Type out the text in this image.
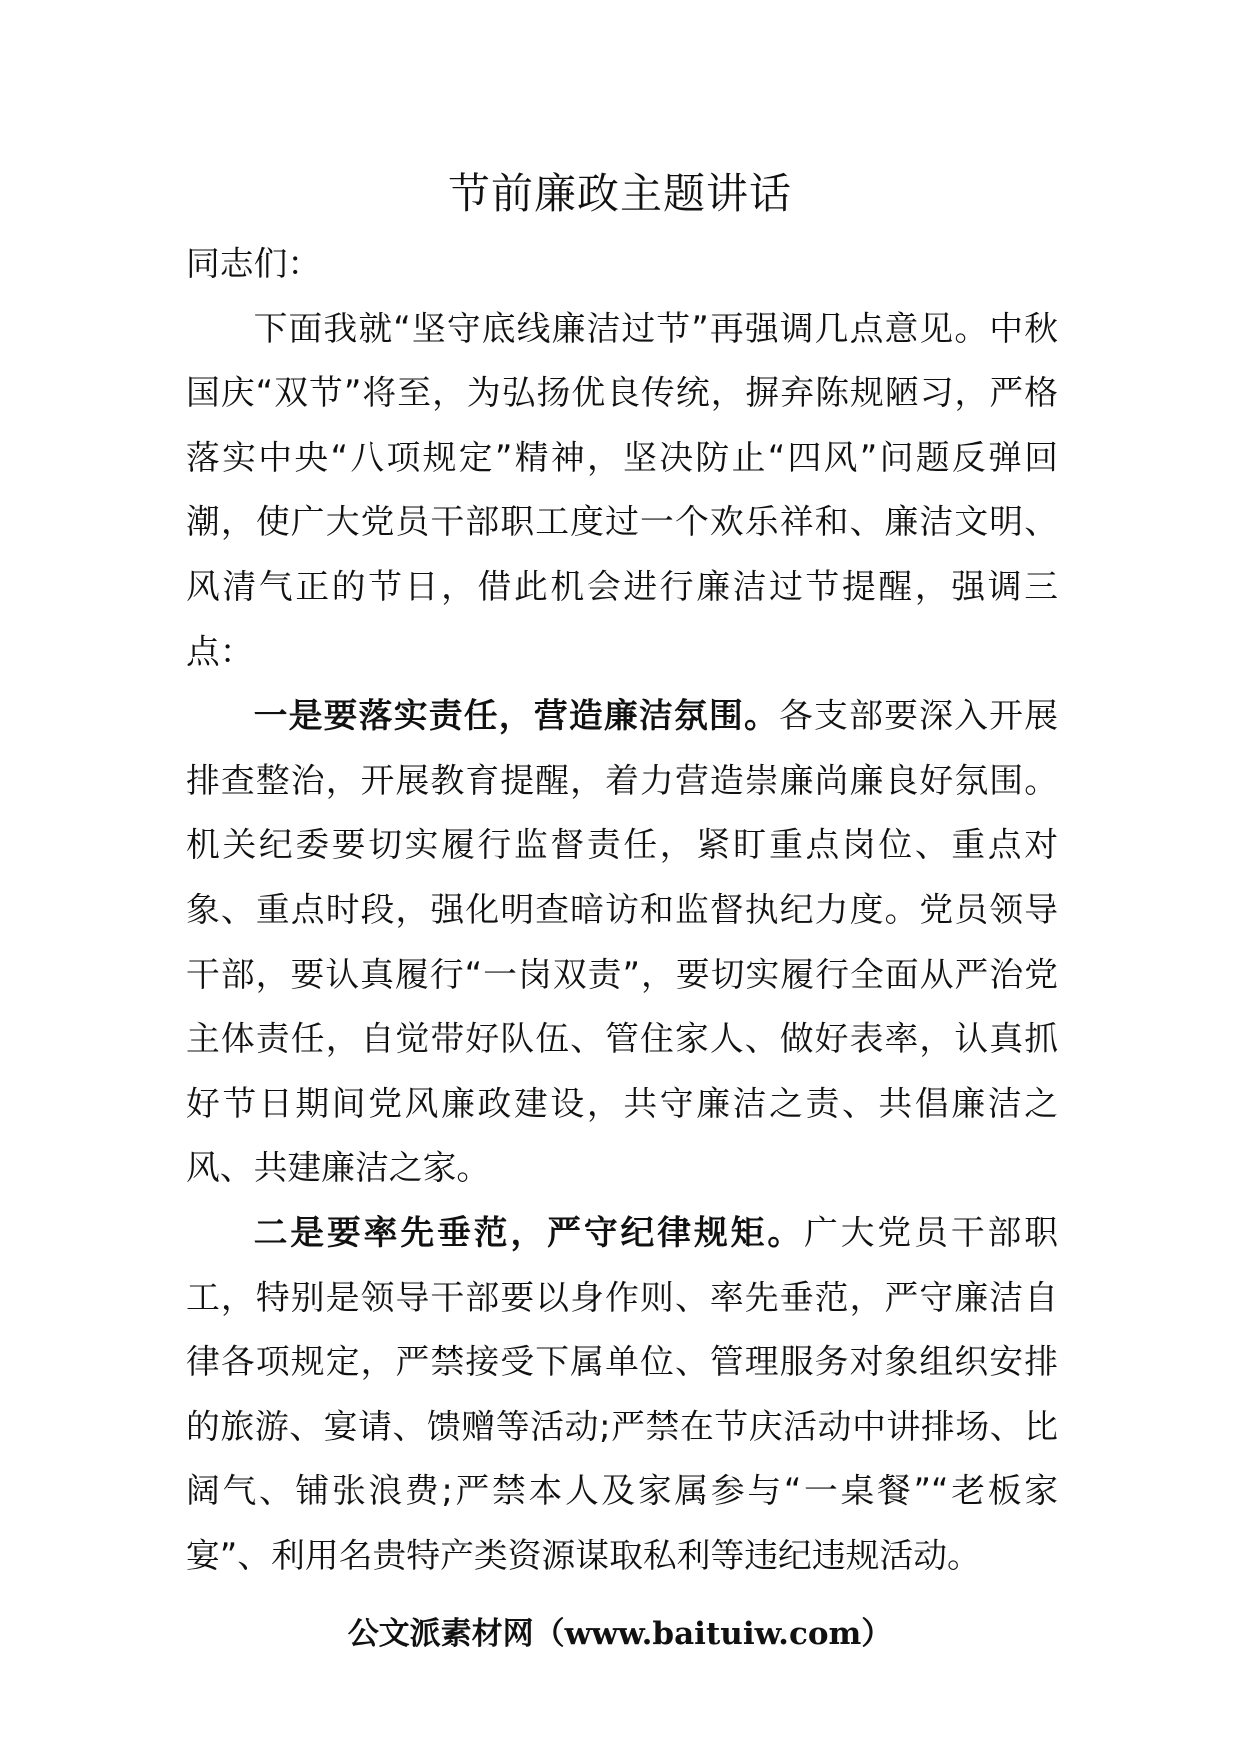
节前廉政主题讲话

同志们：

下面我就“坚守底线廉洁过节”再强调几点意见。中秋国庆“双节”将至，为弘扬优良传统，摒弃陈规陋习，严格落实中央“八项规定”精神，坚决防止“四风”问题反弹回潮，使广大党员干部职工度过一个欢乐祥和、廉洁文明、风清气正的节日，借此机会进行廉洁过节提醒，强调三点：

一是要落实责任，营造廉洁氛围。各支部要深入开展排查整治，开展教育提醒，着力营造崇廉尚廉良好氛围。机关纪委要切实履行监督责任，紧盯重点岗位、重点对象、重点时段，强化明查暗访和监督执纪力度。党员领导干部，要认真履行“一岗双责”，要切实履行全面从严治党主体责任，自觉带好队伍、管住家人、做好表率，认真抓好节日期间党风廉政建设，共守廉洁之责、共倡廉洁之风、共建廉洁之家。

二是要率先垂范，严守纪律规矩。广大党员干部职工，特别是领导干部要以身作则、率先垂范，严守廉洁自律各项规定，严禁接受下属单位、管理服务对象组织安排的旅游、宴请、馈赠等活动;严禁在节庆活动中讲排场、比阔气、铺张浪费;严禁本人及家属参与“一桌餐”“老板家宴”、利用名贵特产类资源谋取私利等违纪违规活动。

公文派素材网（www.baituiw.com）
